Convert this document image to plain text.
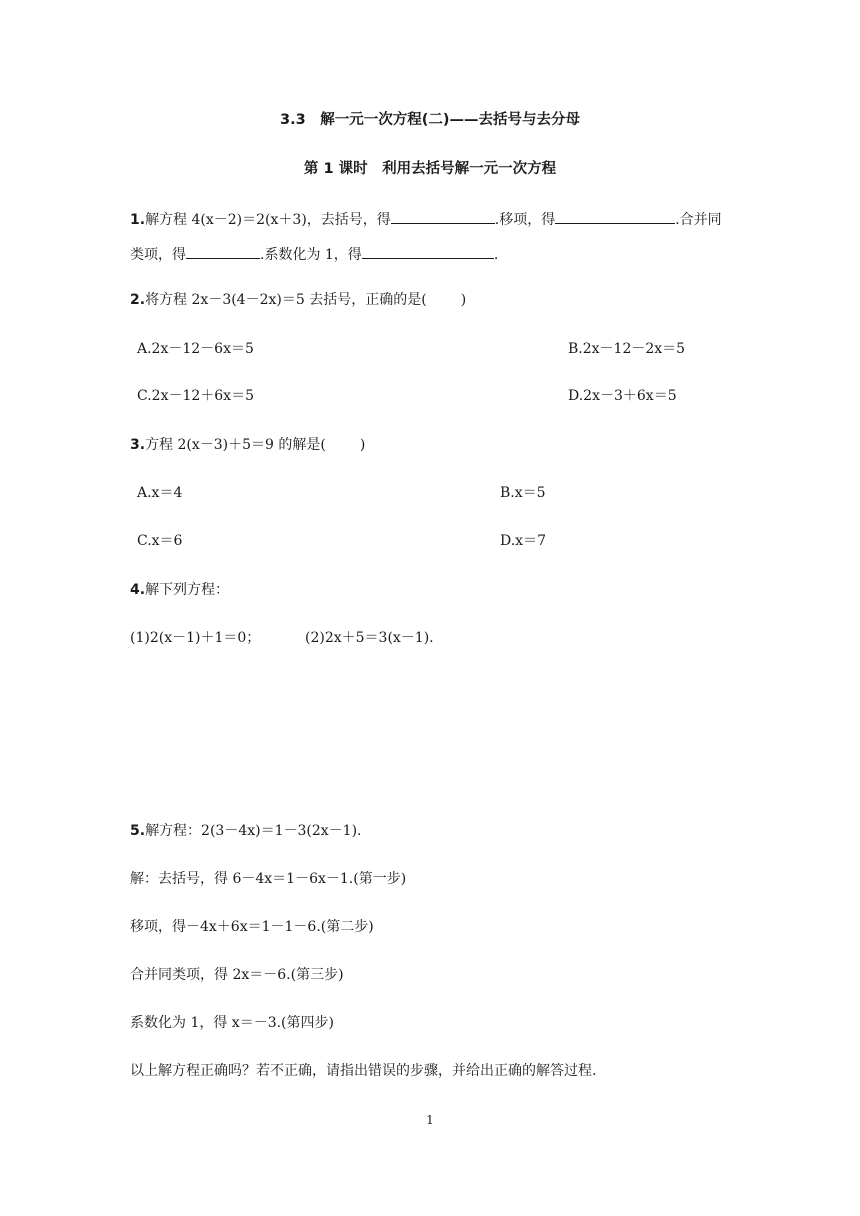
3.3　解一元一次方程(二)——去括号与去分母
第 1 课时　利用去括号解一元一次方程
1.解方程 4(x－2)＝2(x＋3)，去括号，得	.移项，得	.合并同
类项，得	.系数化为 1，得	.
2.将方程 2x－3(4－2x)＝5 去括号，正确的是( )
A.2x－12－6x＝5	B.2x－12－2x＝5
C.2x－12＋6x＝5	D.2x－3＋6x＝5
3.方程 2(x－3)＋5＝9 的解是( )
A.x＝4	B.x＝5
C.x＝6	D.x＝7
4.解下列方程：
(1)2(x－1)＋1＝0；	(2)2x＋5＝3(x－1).
5.解方程：2(3－4x)＝1－3(2x－1).
解：去括号，得 6－4x＝1－6x－1.(第一步)
移项，得－4x＋6x＝1－1－6.(第二步)
合并同类项，得 2x＝－6.(第三步)
系数化为 1，得 x＝－3.(第四步)
以上解方程正确吗？若不正确，请指出错误的步骤，并给出正确的解答过程.
1
